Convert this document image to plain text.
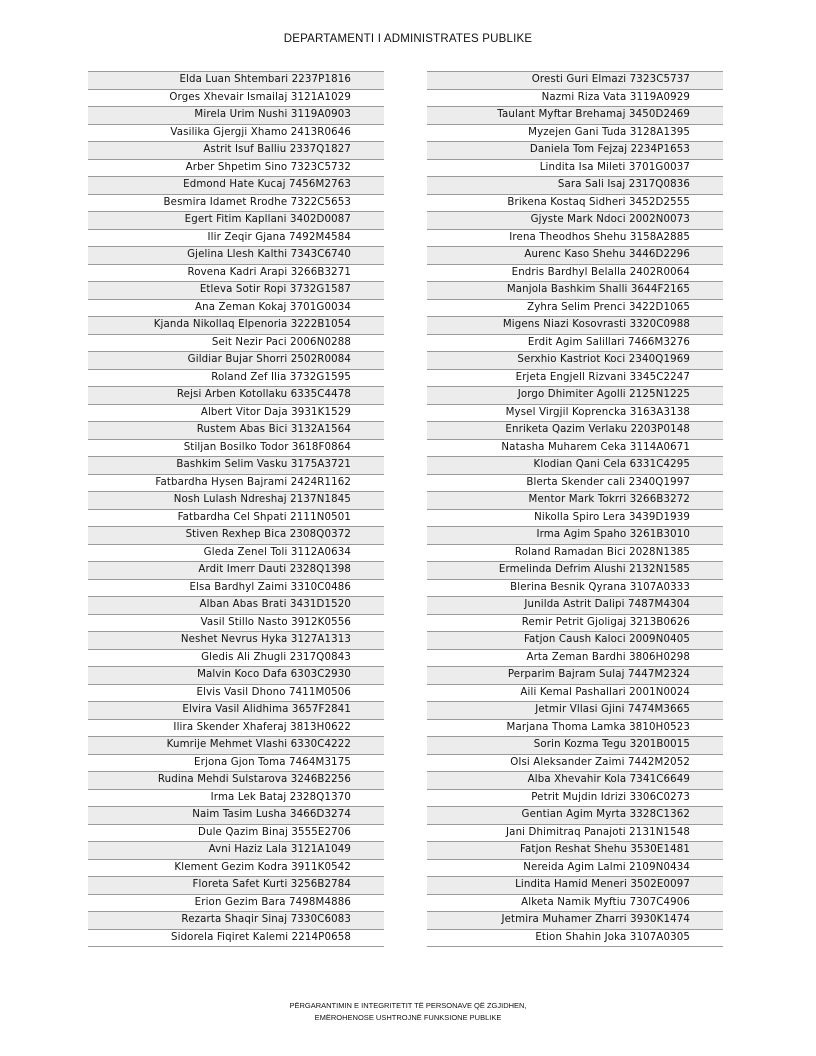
DEPARTAMENTI I ADMINISTRATES PUBLIKE
Elda Luan Shtembari 2237P1816
Orges Xhevair Ismailaj 3121A1029
Mirela Urim Nushi 3119A0903
Vasilika Gjergji Xhamo 2413R0646
Astrit Isuf Balliu 2337Q1827
Arber Shpetim Sino 7323C5732
Edmond Hate Kucaj 7456M2763
Besmira Idamet Rrodhe 7322C5653
Egert Fitim Kapllani 3402D0087
Ilir Zeqir Gjana 7492M4584
Gjelina Llesh Kalthi 7343C6740
Rovena Kadri Arapi 3266B3271
Etleva Sotir Ropi 3732G1587
Ana Zeman Kokaj 3701G0034
Kjanda Nikollaq Elpenoria 3222B1054
Seit Nezir Paci 2006N0288
Gildiar Bujar Shorri 2502R0084
Roland Zef Ilia 3732G1595
Rejsi Arben Kotollaku 6335C4478
Albert Vitor Daja 3931K1529
Rustem Abas Bici 3132A1564
Stiljan Bosilko Todor 3618F0864
Bashkim Selim Vasku 3175A3721
Fatbardha Hysen Bajrami 2424R1162
Nosh Lulash Ndreshaj 2137N1845
Fatbardha Cel Shpati 2111N0501
Stiven Rexhep Bica 2308Q0372
Gleda Zenel Toli 3112A0634
Ardit Imerr Dauti 2328Q1398
Elsa Bardhyl Zaimi 3310C0486
Alban Abas Brati 3431D1520
Vasil Stillo Nasto 3912K0556
Neshet Nevrus Hyka 3127A1313
Gledis Ali Zhugli 2317Q0843
Malvin Koco Dafa 6303C2930
Elvis Vasil Dhono 7411M0506
Elvira Vasil Alidhima 3657F2841
Ilira Skender Xhaferaj 3813H0622
Kumrije Mehmet Vlashi 6330C4222
Erjona Gjon Toma 7464M3175
Rudina Mehdi Sulstarova 3246B2256
Irma Lek Bataj 2328Q1370
Naim Tasim Lusha 3466D3274
Dule Qazim Binaj 3555E2706
Avni Haziz Lala 3121A1049
Klement Gezim Kodra 3911K0542
Floreta Safet Kurti 3256B2784
Erion Gezim Bara 7498M4886
Rezarta Shaqir Sinaj 7330C6083
Sidorela Fiqiret Kalemi 2214P0658
Oresti Guri Elmazi 7323C5737
Nazmi Riza Vata 3119A0929
Taulant Myftar Brehamaj 3450D2469
Myzejen Gani Tuda 3128A1395
Daniela Tom Fejzaj 2234P1653
Lindita Isa Mileti 3701G0037
Sara Sali Isaj 2317Q0836
Brikena Kostaq Sidheri 3452D2555
Gjyste Mark Ndoci 2002N0073
Irena Theodhos Shehu 3158A2885
Aurenc Kaso Shehu 3446D2296
Endris Bardhyl Belalla 2402R0064
Manjola Bashkim Shalli 3644F2165
Zyhra Selim Prenci 3422D1065
Migens Niazi Kosovrasti 3320C0988
Erdit Agim Salillari 7466M3276
Serxhio Kastriot Koci 2340Q1969
Erjeta Engjell Rizvani 3345C2247
Jorgo Dhimiter Agolli 2125N1225
Mysel Virgjil Koprencka 3163A3138
Enriketa Qazim Verlaku 2203P0148
Natasha Muharem Ceka 3114A0671
Klodian Qani Cela 6331C4295
Blerta Skender cali 2340Q1997
Mentor Mark Tokrri 3266B3272
Nikolla Spiro Lera 3439D1939
Irma Agim Spaho 3261B3010
Roland Ramadan Bici 2028N1385
Ermelinda Defrim Alushi 2132N1585
Blerina Besnik Qyrana 3107A0333
Junilda Astrit Dalipi 7487M4304
Remir Petrit Gjoligaj 3213B0626
Fatjon Caush Kaloci 2009N0405
Arta Zeman Bardhi 3806H0298
Perparim Bajram Sulaj 7447M2324
Aili Kemal Pashallari 2001N0024
Jetmir Vllasi Gjini 7474M3665
Marjana Thoma Lamka 3810H0523
Sorin Kozma Tegu 3201B0015
Olsi Aleksander Zaimi 7442M2052
Alba Xhevahir Kola 7341C6649
Petrit Mujdin Idrizi 3306C0273
Gentian Agim Myrta 3328C1362
Jani Dhimitraq Panajoti 2131N1548
Fatjon Reshat Shehu 3530E1481
Nereida Agim Lalmi 2109N0434
Lindita Hamid Meneri 3502E0097
Alketa Namik Myftiu 7307C4906
Jetmira Muhamer Zharri 3930K1474
Etion Shahin Joka 3107A0305
PËRGARANTIMIN E INTEGRITETIT TË PERSONAVE QË ZGJIDHEN,
EMËROHENOSE USHTROJNË FUNKSIONE PUBLIKE
